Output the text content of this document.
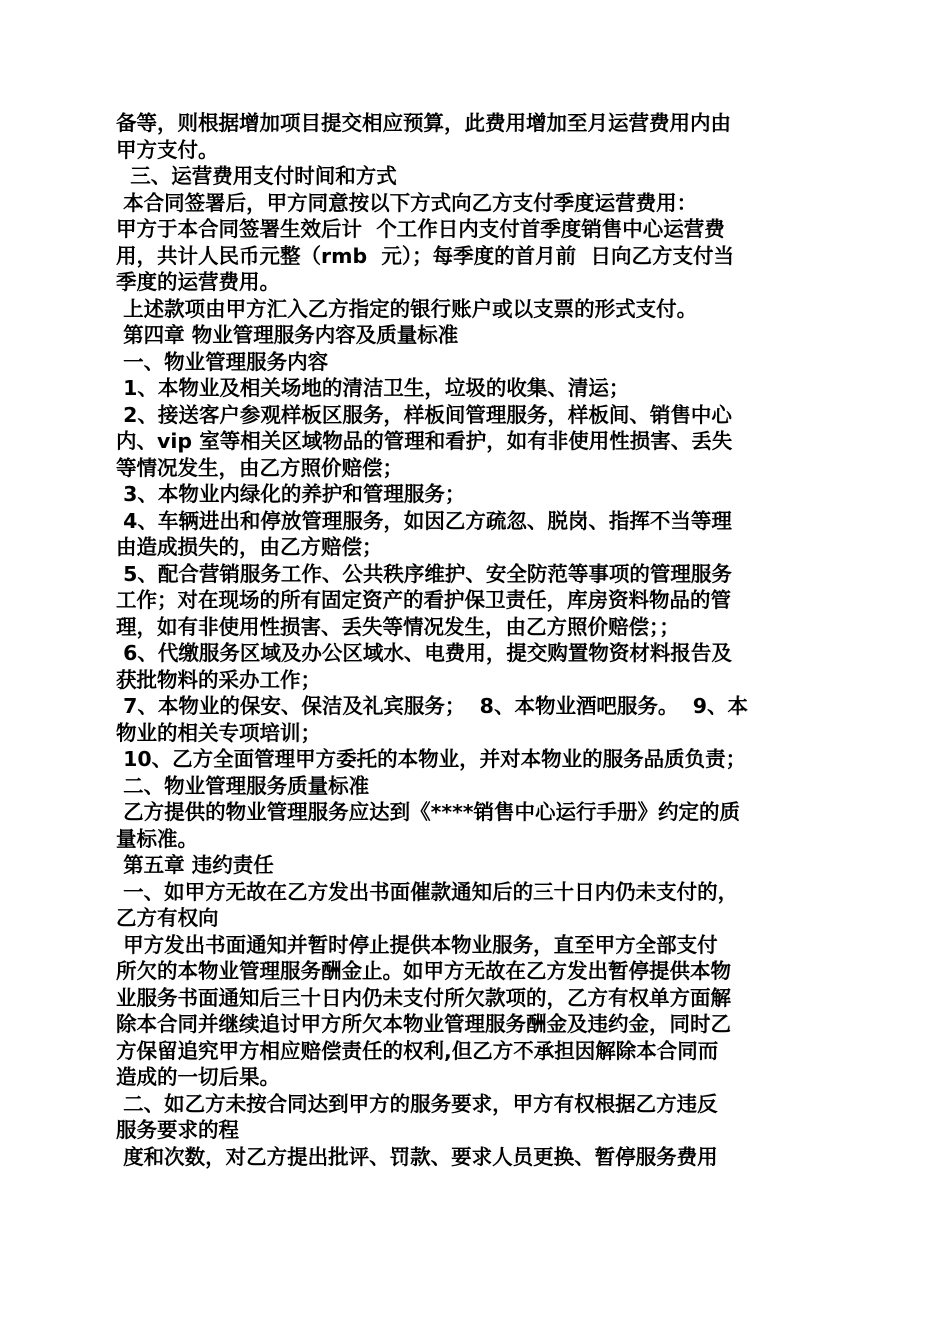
备等，则根据增加项目提交相应预算，此费用增加至月运营费用内由
甲方支付。
三、运营费用支付时间和方式
本合同签署后，甲方同意按以下方式向乙方支付季度运营费用：
甲方于本合同签署生效后计  个工作日内支付首季度销售中心运营费
用，共计人民币元整（rmb  元）；每季度的首月前  日向乙方支付当
季度的运营费用。
上述款项由甲方汇入乙方指定的银行账户或以支票的形式支付。
第四章 物业管理服务内容及质量标准
一、物业管理服务内容
1、本物业及相关场地的清洁卫生，垃圾的收集、清运；
2、接送客户参观样板区服务，样板间管理服务，样板间、销售中心
内、vip 室等相关区域物品的管理和看护，如有非使用性损害、丢失
等情况发生，由乙方照价赔偿；
3、本物业内绿化的养护和管理服务；
4、车辆进出和停放管理服务，如因乙方疏忽、脱岗、指挥不当等理
由造成损失的，由乙方赔偿；
5、配合营销服务工作、公共秩序维护、安全防范等事项的管理服务
工作；对在现场的所有固定资产的看护保卫责任，库房资料物品的管
理，如有非使用性损害、丢失等情况发生，由乙方照价赔偿；；
6、代缴服务区域及办公区域水、电费用，提交购置物资材料报告及
获批物料的采办工作；
7、本物业的保安、保洁及礼宾服务；  8、本物业酒吧服务。  9、本
物业的相关专项培训；
10、乙方全面管理甲方委托的本物业，并对本物业的服务品质负责；
二、物业管理服务质量标准
乙方提供的物业管理服务应达到《****销售中心运行手册》约定的质
量标准。
第五章 违约责任
一、如甲方无故在乙方发出书面催款通知后的三十日内仍未支付的，
乙方有权向
甲方发出书面通知并暂时停止提供本物业服务，直至甲方全部支付
所欠的本物业管理服务酬金止。如甲方无故在乙方发出暂停提供本物
业服务书面通知后三十日内仍未支付所欠款项的，乙方有权单方面解
除本合同并继续追讨甲方所欠本物业管理服务酬金及违约金，同时乙
方保留追究甲方相应赔偿责任的权利,但乙方不承担因解除本合同而
造成的一切后果。
二、如乙方未按合同达到甲方的服务要求，甲方有权根据乙方违反
服务要求的程
度和次数，对乙方提出批评、罚款、要求人员更换、暂停服务费用
